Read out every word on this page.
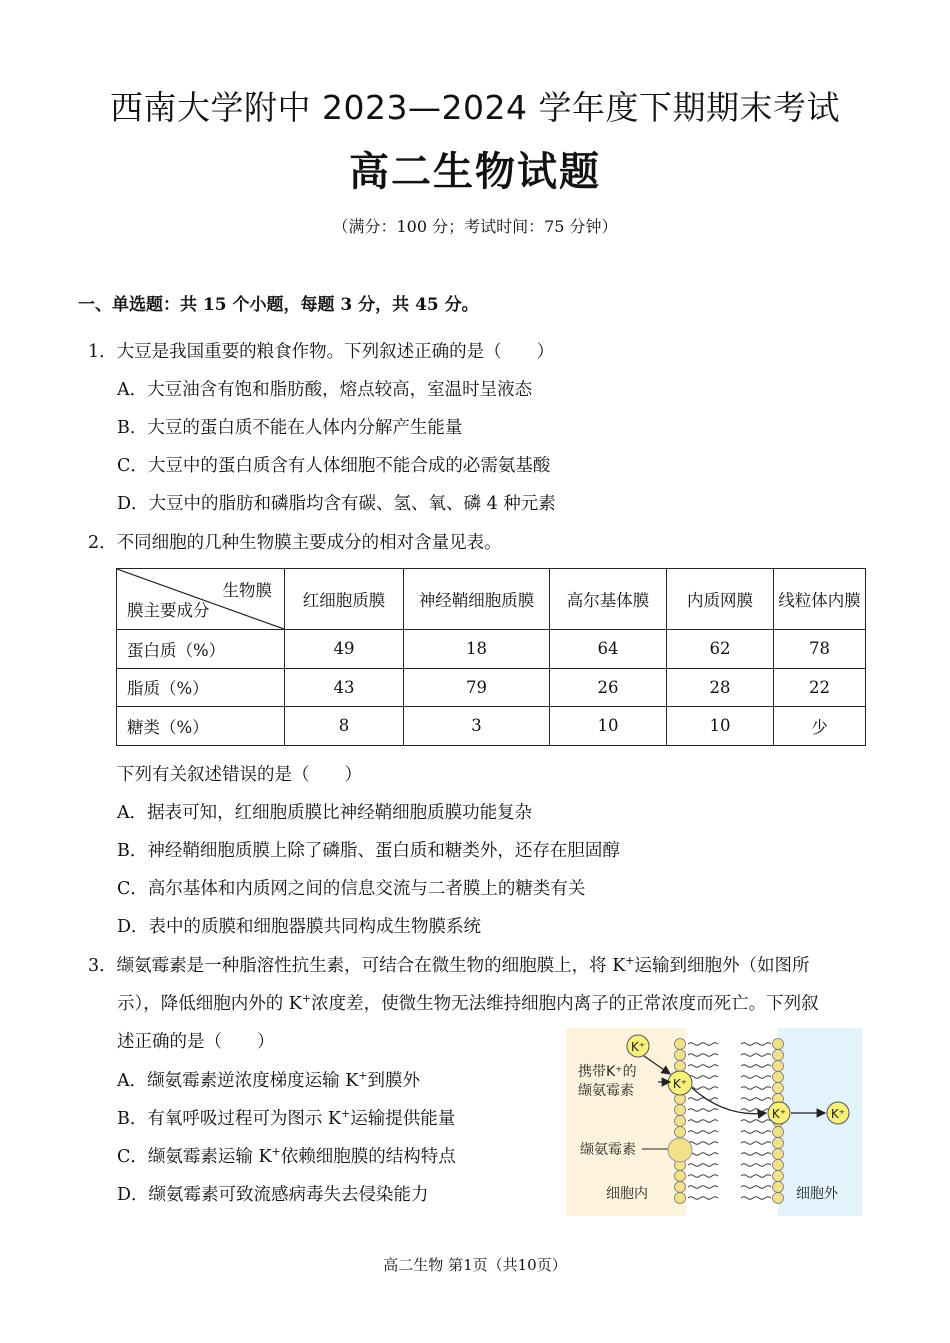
西南大学附中 2023—2024 学年度下期期末考试
高二生物试题
（满分：100 分；考试时间：75 分钟）
一、单选题：共 15 个小题，每题 3 分，共 45 分。
1．大豆是我国重要的粮食作物。下列叙述正确的是（　　）
A．大豆油含有饱和脂肪酸，熔点较高，室温时呈液态
B．大豆的蛋白质不能在人体内分解产生能量
C．大豆中的蛋白质含有人体细胞不能合成的必需氨基酸
D．大豆中的脂肪和磷脂均含有碳、氢、氧、磷 4 种元素
2．不同细胞的几种生物膜主要成分的相对含量见表。
生物膜
膜主要成分	红细胞质膜	神经鞘细胞质膜	高尔基体膜	内质网膜	线粒体内膜
蛋白质（%）	49	18	64	62	78
脂质（%）	43	79	26	28	22
糖类（%）	8	3	10	10	少
下列有关叙述错误的是（　　）
A．据表可知，红细胞质膜比神经鞘细胞质膜功能复杂
B．神经鞘细胞质膜上除了磷脂、蛋白质和糖类外，还存在胆固醇
C．高尔基体和内质网之间的信息交流与二者膜上的糖类有关
D．表中的质膜和细胞器膜共同构成生物膜系统
3．缬氨霉素是一种脂溶性抗生素，可结合在微生物的细胞膜上，将 K+运输到细胞外（如图所
示），降低细胞内外的 K+浓度差，使微生物无法维持细胞内离子的正常浓度而死亡。下列叙
述正确的是（　　）
A．缬氨霉素逆浓度梯度运输 K+到膜外
B．有氧呼吸过程可为图示 K+运输提供能量
C．缬氨霉素运输 K+依赖细胞膜的结构特点
D．缬氨霉素可致流感病毒失去侵染能力
携带K⁺的
缬氨霉素
缬氨霉素
细胞内	细胞外
K⁺
K⁺
K⁺	K⁺
高二生物 第1页（共10页）
